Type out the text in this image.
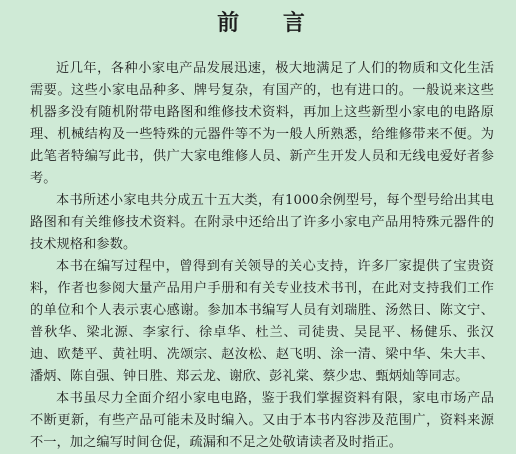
前 言

近几年，各种小家电产品发展迅速，极大地满足了人们的物质和文化生活需要。这些小家电品种多、牌号复杂，有国产的，也有进口的。一般说来这些机器多没有随机附带电路图和维修技术资料，再加上这些新型小家电的电路原理、机械结构及一些特殊的元器件等不为一般人所熟悉，给维修带来不便。为此笔者特编写此书，供广大家电维修人员、新产生开发人员和无线电爱好者参考。

本书所述小家电共分成五十五大类，有1000余例型号，每个型号给出其电路图和有关维修技术资料。在附录中还给出了许多小家电产品用特殊元器件的技术规格和参数。

本书在编写过程中，曾得到有关领导的关心支持，许多厂家提供了宝贵资料，作者也参阅大量产品用户手册和有关专业技术书刊，在此对支持我们工作的单位和个人表示衷心感谢。参加本书编写人员有刘瑞胜、汤然日、陈文宁、普秋华、梁北源、李家行、徐卓华、杜兰、司徒贵、吴昆平、杨健乐、张汉迪、欧楚平、黄社明、冼颂宗、赵汝松、赵飞明、涂一清、梁中华、朱大丰、潘炳、陈自强、钟日胜、郑云龙、谢欣、彭礼棠、蔡少忠、甄炳灿等同志。

本书虽尽力全面介绍小家电电路，鉴于我们掌握资料有限，家电市场产品不断更新，有些产品可能未及时编入。又由于本书内容涉及范围广，资料来源不一，加之编写时间仓促，疏漏和不足之处敬请读者及时指正。
